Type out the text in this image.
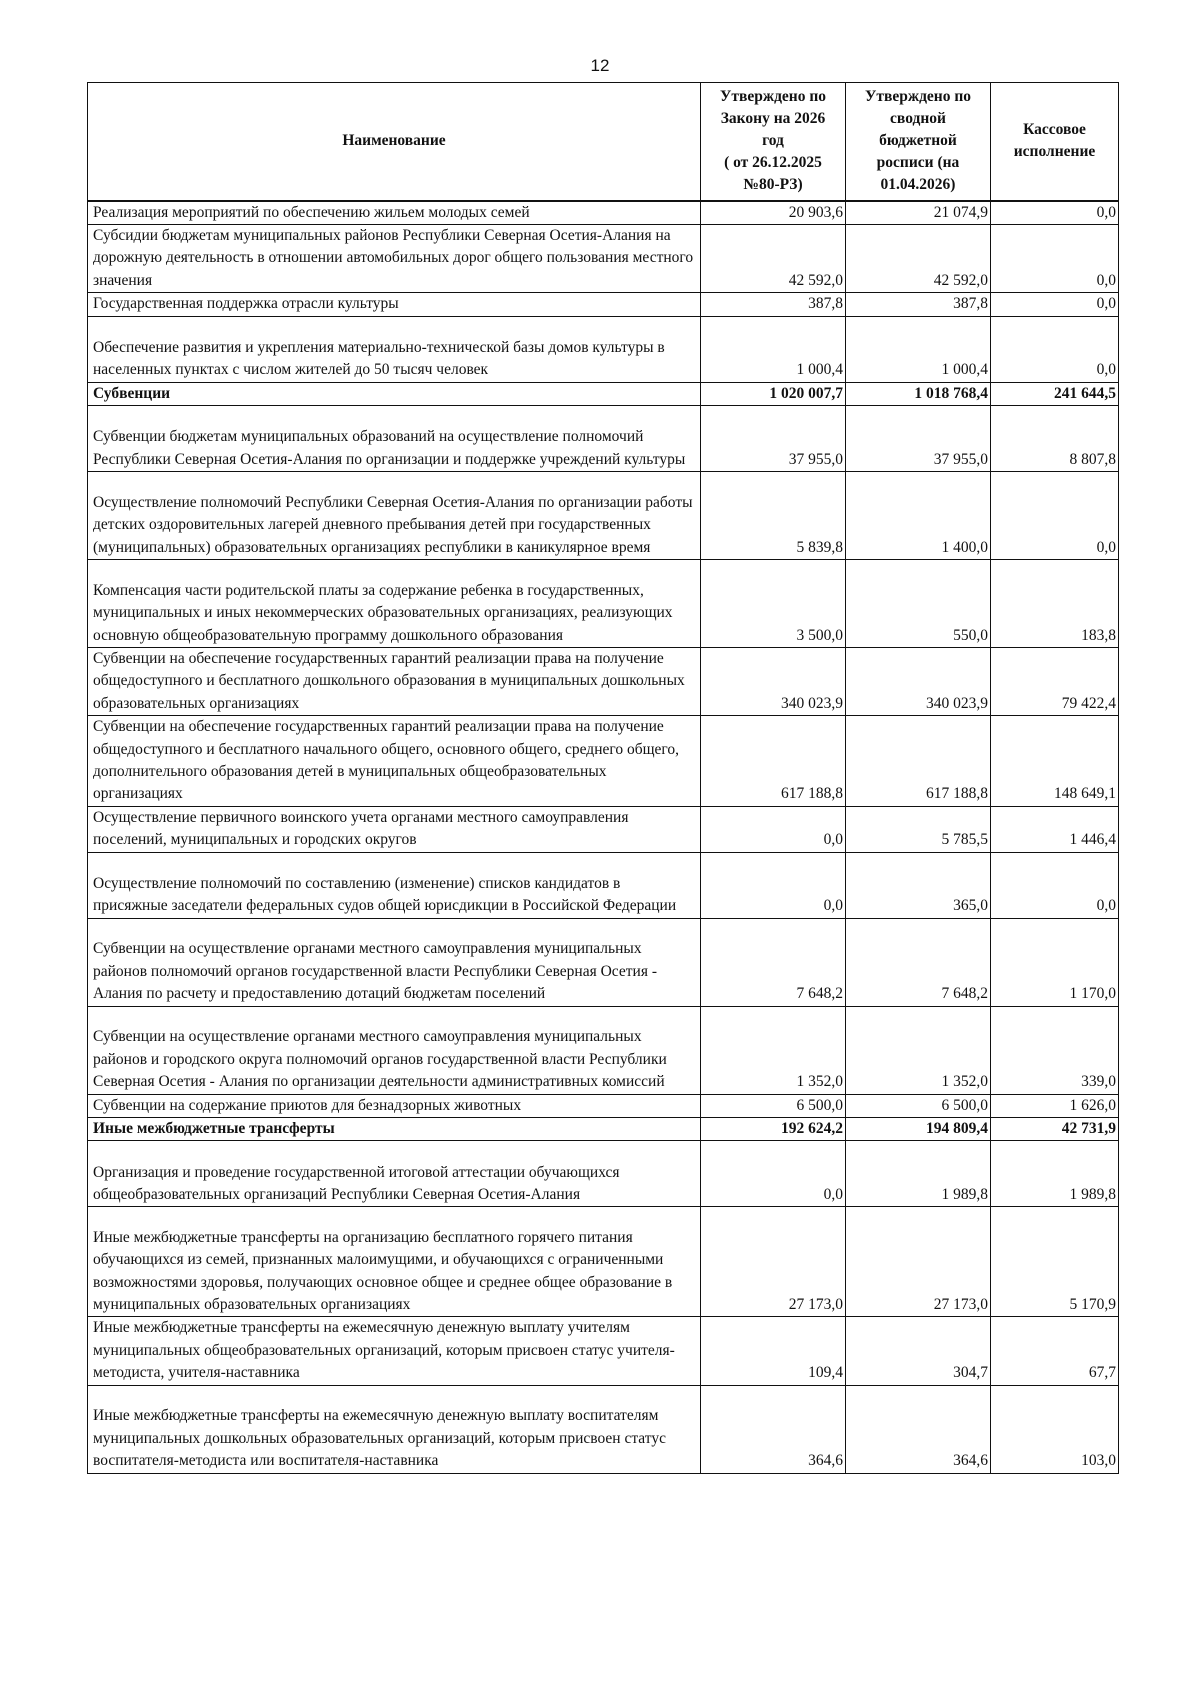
12
Наименование	Утверждено по
Закону на 2026
год
( от 26.12.2025
№80-РЗ)	Утверждено по
сводной
бюджетной
росписи (на
01.04.2026)	Кассовое
исполнение
Реализация мероприятий по обеспечению жильем молодых семей	20 903,6	21 074,9	0,0
Субсидии бюджетам муниципальных районов Республики Северная Осетия-Алания на дорожную деятельность в отношении автомобильных дорог общего пользования местного значения	42 592,0	42 592,0	0,0
Государственная поддержка отрасли культуры	387,8	387,8	0,0
Обеспечение развития и укрепления материально-технической базы домов культуры в населенных пунктах с числом жителей до 50 тысяч человек	1 000,4	1 000,4	0,0
Субвенции	1 020 007,7	1 018 768,4	241 644,5
Субвенции бюджетам муниципальных образований на осуществление полномочий Республики Северная Осетия-Алания по организации и поддержке учреждений культуры	37 955,0	37 955,0	8 807,8
Осуществление полномочий Республики Северная Осетия-Алания по организации работы детских оздоровительных лагерей дневного пребывания детей при государственных (муниципальных) образовательных организациях республики в каникулярное время	5 839,8	1 400,0	0,0
Компенсация части родительской платы за содержание ребенка в государственных, муниципальных и иных некоммерческих образовательных организациях, реализующих основную общеобразовательную программу дошкольного образования	3 500,0	550,0	183,8
Субвенции на обеспечение государственных гарантий реализации права на получение общедоступного и бесплатного дошкольного образования в муниципальных дошкольных образовательных организациях	340 023,9	340 023,9	79 422,4
Субвенции на обеспечение государственных гарантий реализации права на получение общедоступного и бесплатного начального общего, основного общего, среднего общего, дополнительного образования детей в муниципальных общеобразовательных организациях	617 188,8	617 188,8	148 649,1
Осуществление первичного воинского учета органами местного самоуправления поселений, муниципальных и городских округов	0,0	5 785,5	1 446,4
Осуществление полномочий по составлению (изменение) списков кандидатов в присяжные заседатели федеральных судов общей юрисдикции в Российской Федерации	0,0	365,0	0,0
Субвенции на осуществление органами местного самоуправления муниципальных районов полномочий органов государственной власти Республики Северная Осетия - Алания по расчету и предоставлению дотаций бюджетам поселений	7 648,2	7 648,2	1 170,0
Субвенции на осуществление органами местного самоуправления муниципальных районов и городского округа полномочий органов государственной власти Республики Северная Осетия - Алания по организации деятельности административных комиссий	1 352,0	1 352,0	339,0
Субвенции на содержание приютов для безнадзорных животных	6 500,0	6 500,0	1 626,0
Иные межбюджетные трансферты	192 624,2	194 809,4	42 731,9
Организация и проведение государственной итоговой аттестации обучающихся общеобразовательных организаций Республики Северная Осетия-Алания	0,0	1 989,8	1 989,8
Иные межбюджетные трансферты на организацию бесплатного горячего питания обучающихся из семей, признанных малоимущими, и обучающихся с ограниченными возможностями здоровья, получающих основное общее и среднее общее образование в муниципальных образовательных организациях	27 173,0	27 173,0	5 170,9
Иные межбюджетные трансферты на ежемесячную денежную выплату учителям муниципальных общеобразовательных организаций, которым присвоен статус учителя-методиста, учителя-наставника	109,4	304,7	67,7
Иные межбюджетные трансферты на ежемесячную денежную выплату воспитателям муниципальных дошкольных образовательных организаций, которым присвоен статус воспитателя-методиста или воспитателя-наставника	364,6	364,6	103,0
